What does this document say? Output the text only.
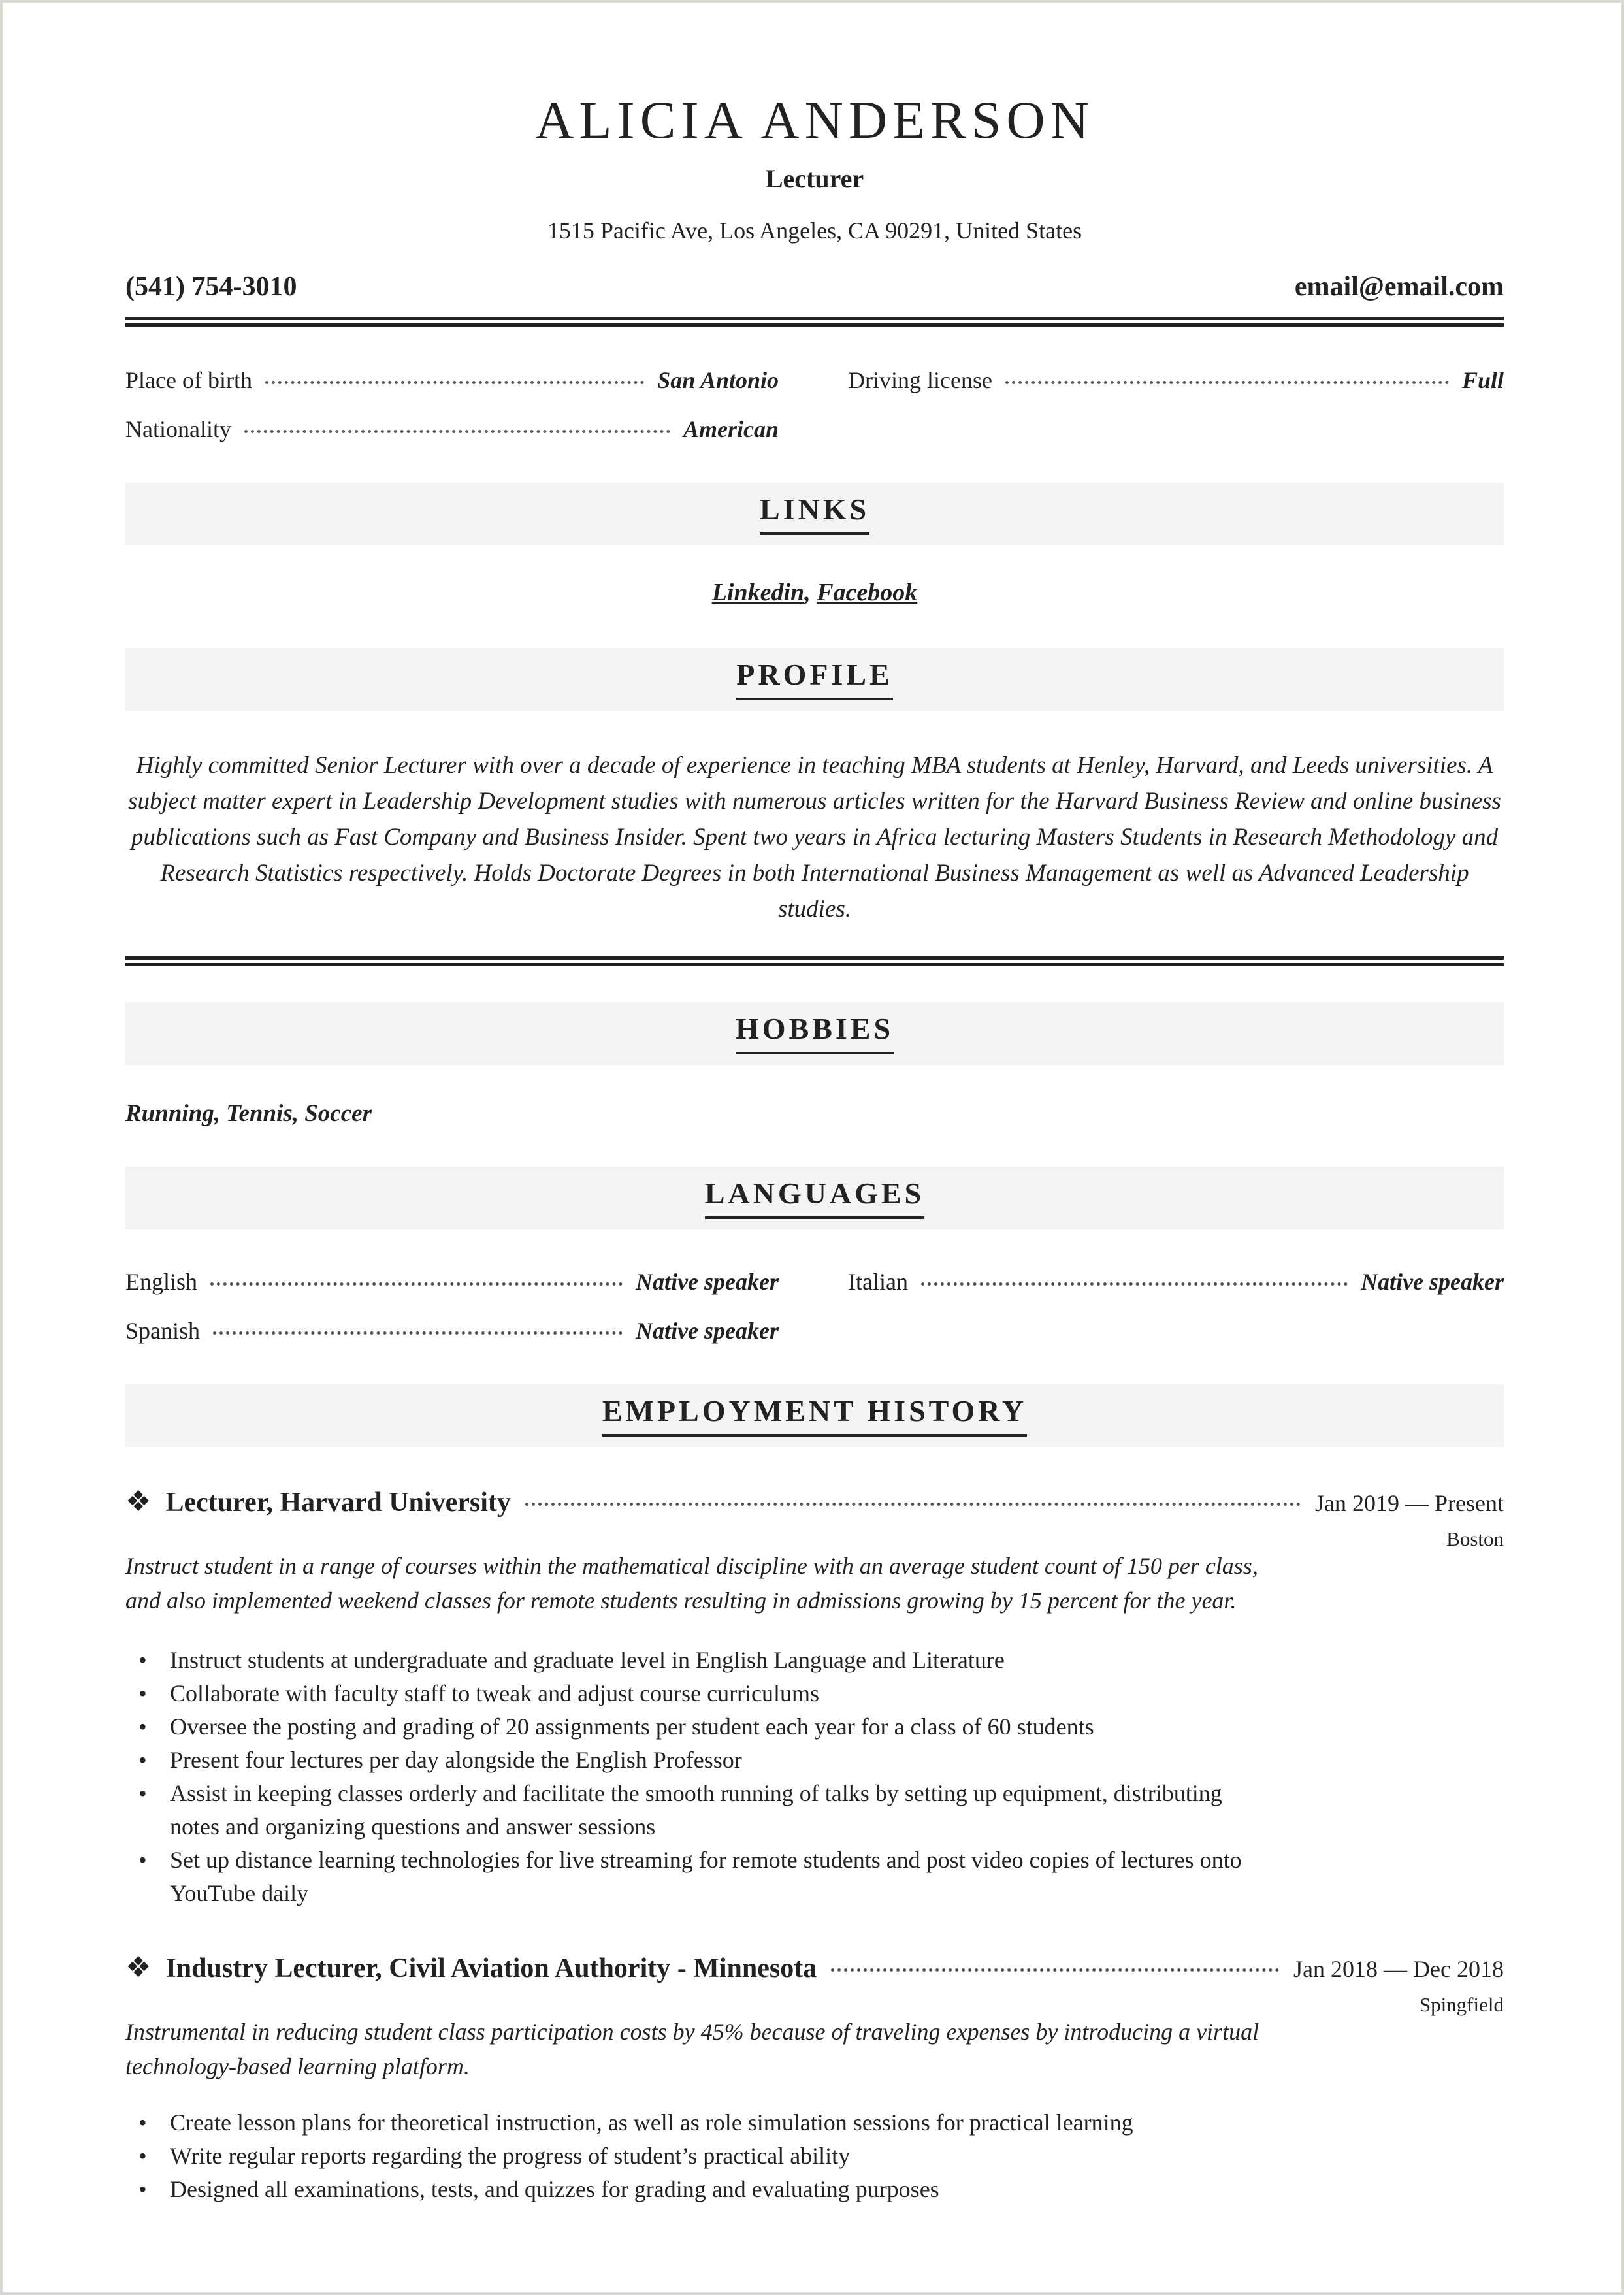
ALICIA ANDERSON
Lecturer
1515 Pacific Ave, Los Angeles, CA 90291, United States
(541) 754-3010	email@email.com
Place of birth	San Antonio	Driving license	Full
Nationality	American
LINKS
Linkedin, Facebook
PROFILE
Highly committed Senior Lecturer with over a decade of experience in teaching MBA students at Henley, Harvard, and Leeds universities. A subject matter expert in Leadership Development studies with numerous articles written for the Harvard Business Review and online business publications such as Fast Company and Business Insider. Spent two years in Africa lecturing Masters Students in Research Methodology and Research Statistics respectively. Holds Doctorate Degrees in both International Business Management as well as Advanced Leadership studies.
HOBBIES
Running, Tennis, Soccer
LANGUAGES
English	Native speaker	Italian	Native speaker
Spanish	Native speaker
EMPLOYMENT HISTORY
❖ Lecturer, Harvard University	Jan 2019 — Present
Boston
Instruct student in a range of courses within the mathematical discipline with an average student count of 150 per class, and also implemented weekend classes for remote students resulting in admissions growing by 15 percent for the year.
• Instruct students at undergraduate and graduate level in English Language and Literature
• Collaborate with faculty staff to tweak and adjust course curriculums
• Oversee the posting and grading of 20 assignments per student each year for a class of 60 students
• Present four lectures per day alongside the English Professor
• Assist in keeping classes orderly and facilitate the smooth running of talks by setting up equipment, distributing notes and organizing questions and answer sessions
• Set up distance learning technologies for live streaming for remote students and post video copies of lectures onto YouTube daily
❖ Industry Lecturer, Civil Aviation Authority - Minnesota	Jan 2018 — Dec 2018
Spingfield
Instrumental in reducing student class participation costs by 45% because of traveling expenses by introducing a virtual technology-based learning platform.
• Create lesson plans for theoretical instruction, as well as role simulation sessions for practical learning
• Write regular reports regarding the progress of student’s practical ability
• Designed all examinations, tests, and quizzes for grading and evaluating purposes
